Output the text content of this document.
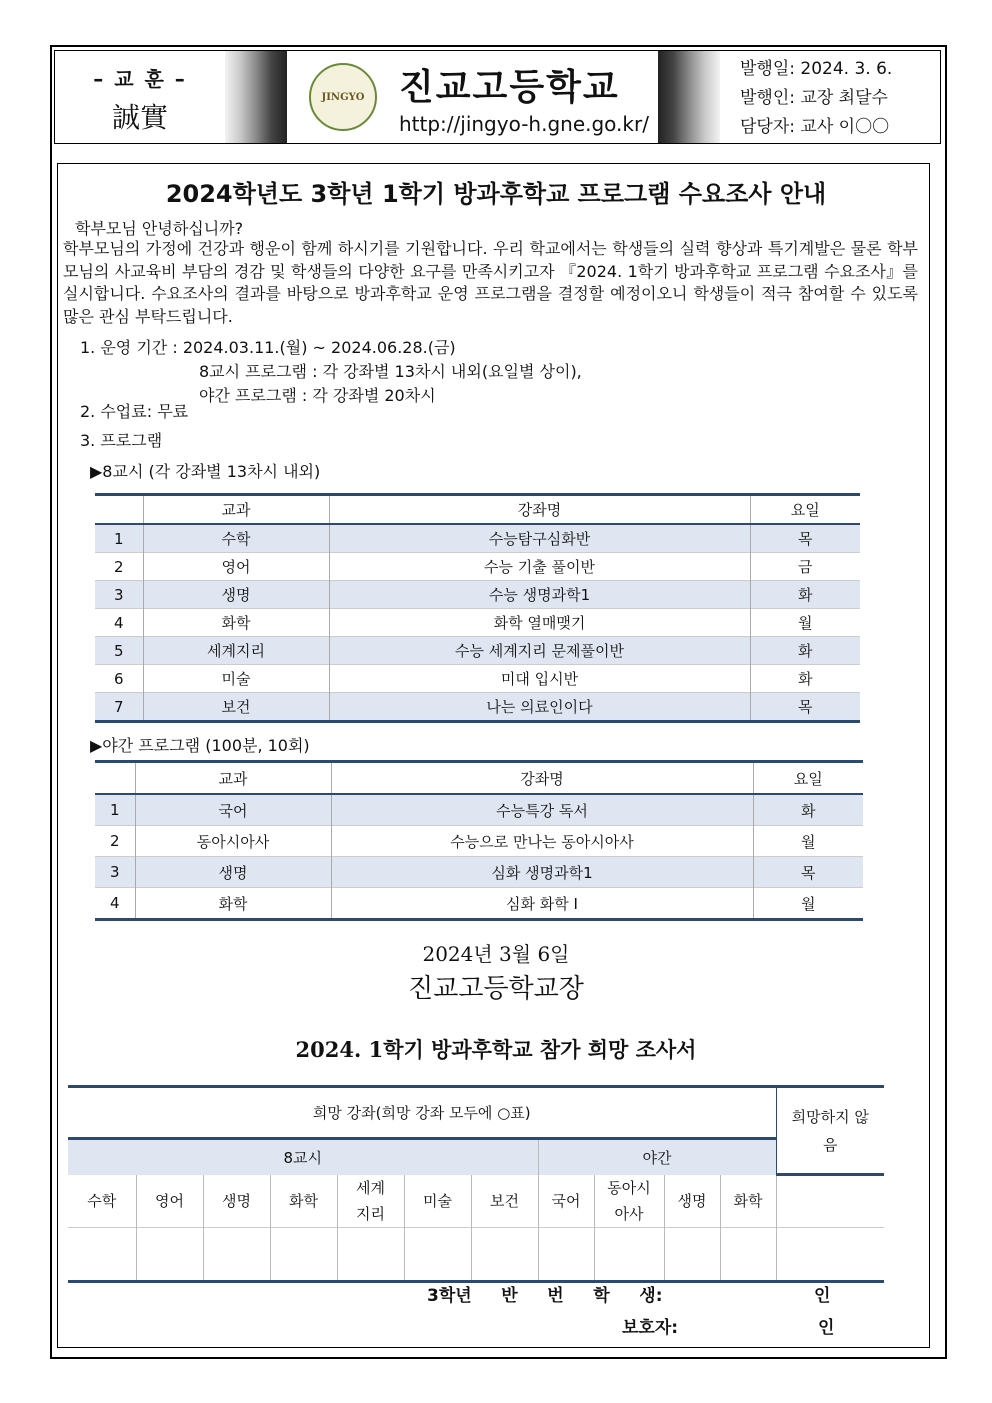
– 교 훈 –
誠實
JINGYO 진교고등학교
http://jingyo-h.gne.go.kr/
발행일: 2024. 3. 6.
발행인: 교장 최달수
담당자: 교사 이〇〇
2024학년도 3학년 1학기 방과후학교 프로그램 수요조사 안내
학부모님 안녕하십니까?
학부모님의 가정에 건강과 행운이 함께 하시기를 기원합니다. 우리 학교에서는 학생들의 실력 향상과 특기계발은 물론 학부모님의 사교육비 부담의 경감 및 학생들의 다양한 요구를 만족시키고자 『2024. 1학기 방과후학교 프로그램 수요조사』를 실시합니다. 수요조사의 결과를 바탕으로 방과후학교 운영 프로그램을 결정할 예정이오니 학생들이 적극 참여할 수 있도록 많은 관심 부탁드립니다.
1. 운영 기간 : 2024.03.11.(월) ~ 2024.06.28.(금)
8교시 프로그램 : 각 강좌별 13차시 내외(요일별 상이),
야간 프로그램 : 각 강좌별 20차시
2. 수업료: 무료
3. 프로그램
▶8교시 (각 강좌별 13차시 내외)
	교과	강좌명	요일
1	수학	수능탐구심화반	목
2	영어	수능 기출 풀이반	금
3	생명	수능 생명과학1	화
4	화학	화학 열매맺기	월
5	세계지리	수능 세계지리 문제풀이반	화
6	미술	미대 입시반	화
7	보건	나는 의료인이다	목
▶야간 프로그램 (100분, 10회)
	교과	강좌명	요일
1	국어	수능특강 독서	화
2	동아시아사	수능으로 만나는 동아시아사	월
3	생명	심화 생명과학1	목
4	화학	심화 화학 I	월
2024년 3월 6일
진교고등학교장
2024. 1학기 방과후학교 참가 희망 조사서
희망 강좌(희망 강좌 모두에 ○표)											희망하지 않음
8교시							야간				
수학	영어	생명	화학	세계 지리	미술	보건	국어	동아시 아사	생명	화학	

3학년     반     번     학     생:	인
보호자:	인
